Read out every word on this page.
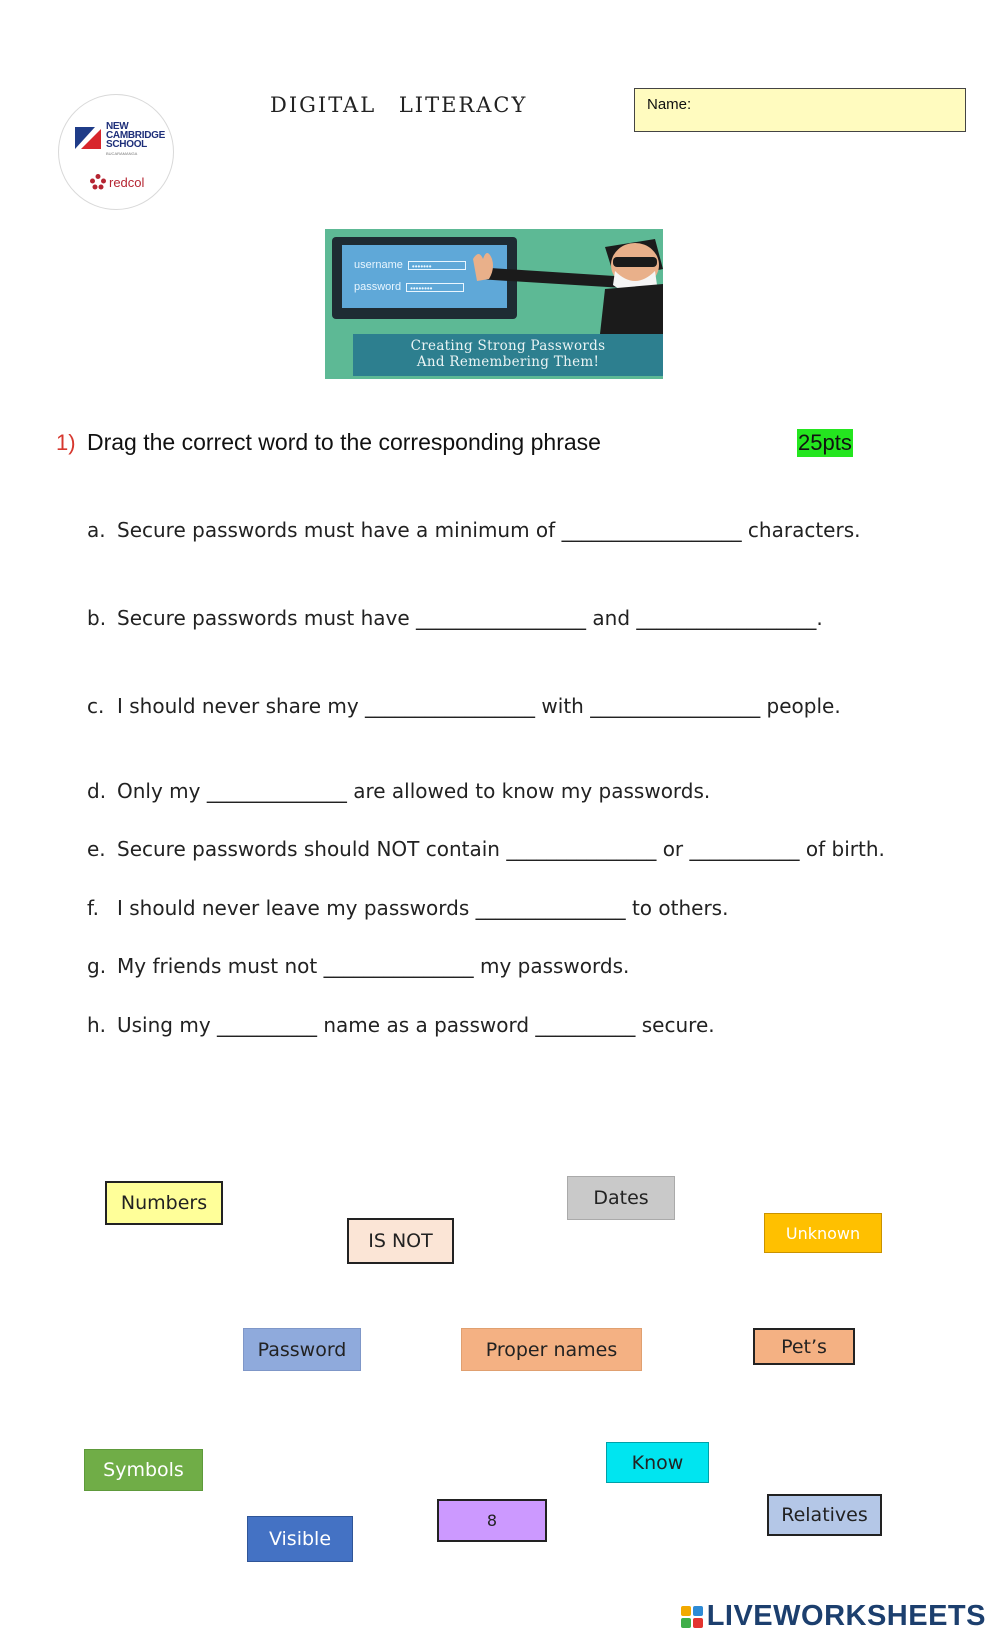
NEW
CAMBRIDGE
SCHOOL
BUCARAMANGA
redcol
DIGITAL LITERACY	Name:
username •••••••
password ••••••••
Creating Strong Passwords
And Remembering Them!
1) Drag the correct word to the corresponding phrase	25pts
a. Secure passwords must have a minimum of __________________ characters.
b. Secure passwords must have _________________ and __________________.
c. I should never share my _________________ with _________________ people.
d. Only my ______________ are allowed to know my passwords.
e. Secure passwords should NOT contain _______________ or ___________ of birth.
f. I should never leave my passwords _______________ to others.
g. My friends must not _______________ my passwords.
h. Using my __________ name as a password __________ secure.
Numbers
IS NOT
Dates
Unknown
Password	Proper names	Pet’s
Symbols	Know
Relatives
8
Visible
LIVEWORKSHEETS
